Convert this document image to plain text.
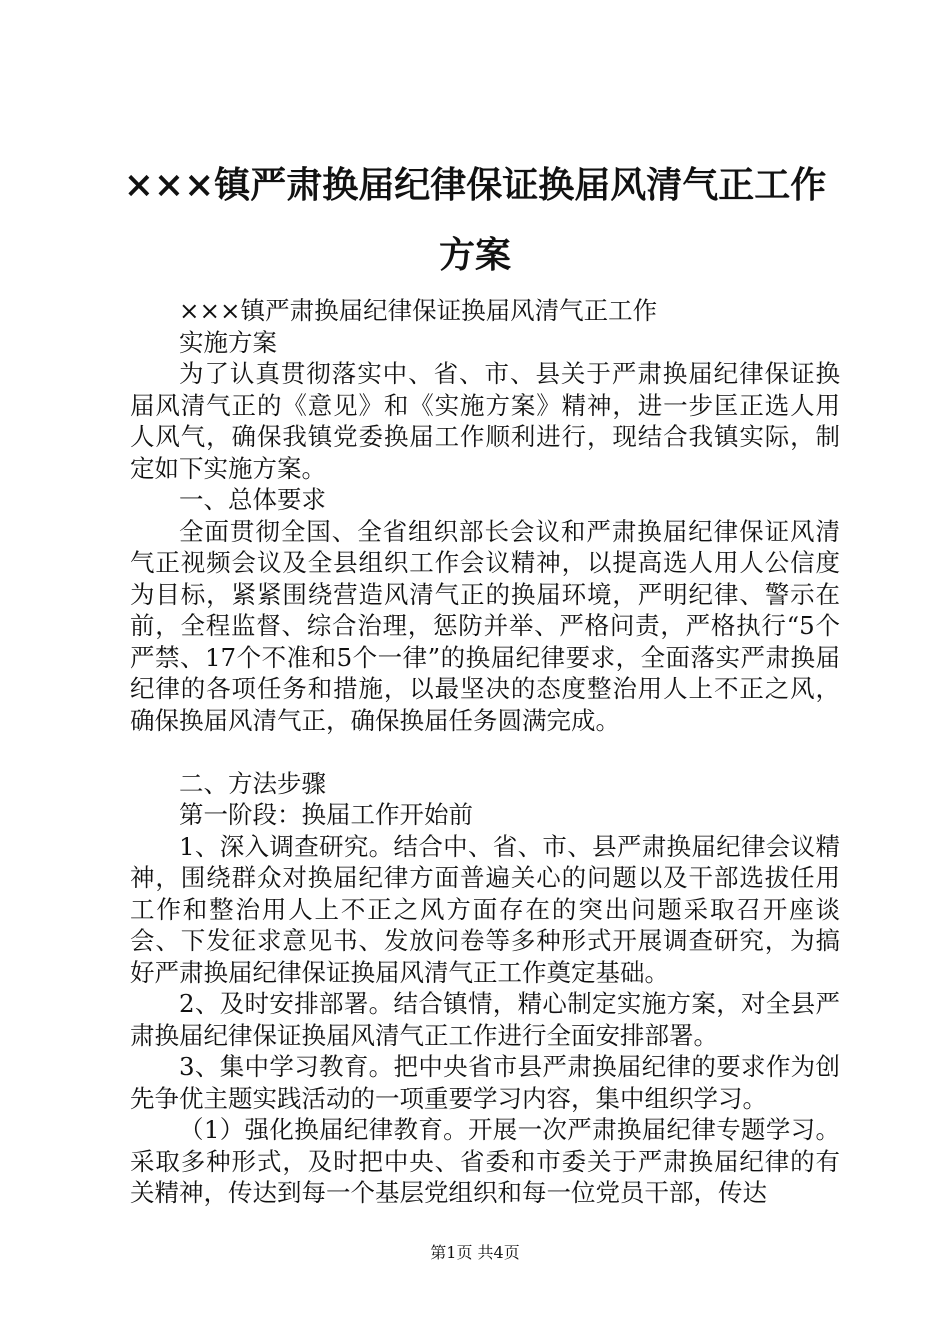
×××镇严肃换届纪律保证换届风清气正工作
方案

×××镇严肃换届纪律保证换届风清气正工作

实施方案

为了认真贯彻落实中、省、市、县关于严肃换届纪律保证换届风清气正的《意见》和《实施方案》精神，进一步匡正选人用人风气，确保我镇党委换届工作顺利进行，现结合我镇实际，制定如下实施方案。

一、总体要求

全面贯彻全国、全省组织部长会议和严肃换届纪律保证风清气正视频会议及全县组织工作会议精神，以提高选人用人公信度为目标，紧紧围绕营造风清气正的换届环境，严明纪律、警示在前，全程监督、综合治理，惩防并举、严格问责，严格执行“5个严禁、17个不准和5个一律”的换届纪律要求，全面落实严肃换届纪律的各项任务和措施，以最坚决的态度整治用人上不正之风，确保换届风清气正，确保换届任务圆满完成。

二、方法步骤

第一阶段：换届工作开始前

1、深入调查研究。结合中、省、市、县严肃换届纪律会议精神，围绕群众对换届纪律方面普遍关心的问题以及干部选拔任用工作和整治用人上不正之风方面存在的突出问题采取召开座谈会、下发征求意见书、发放问卷等多种形式开展调查研究，为搞好严肃换届纪律保证换届风清气正工作奠定基础。

2、及时安排部署。结合镇情，精心制定实施方案，对全县严肃换届纪律保证换届风清气正工作进行全面安排部署。

3、集中学习教育。把中央省市县严肃换届纪律的要求作为创先争优主题实践活动的一项重要学习内容，集中组织学习。

（1）强化换届纪律教育。开展一次严肃换届纪律专题学习。采取多种形式，及时把中央、省委和市委关于严肃换届纪律的有关精神，传达到每一个基层党组织和每一位党员干部，传达

第1页 共4页
